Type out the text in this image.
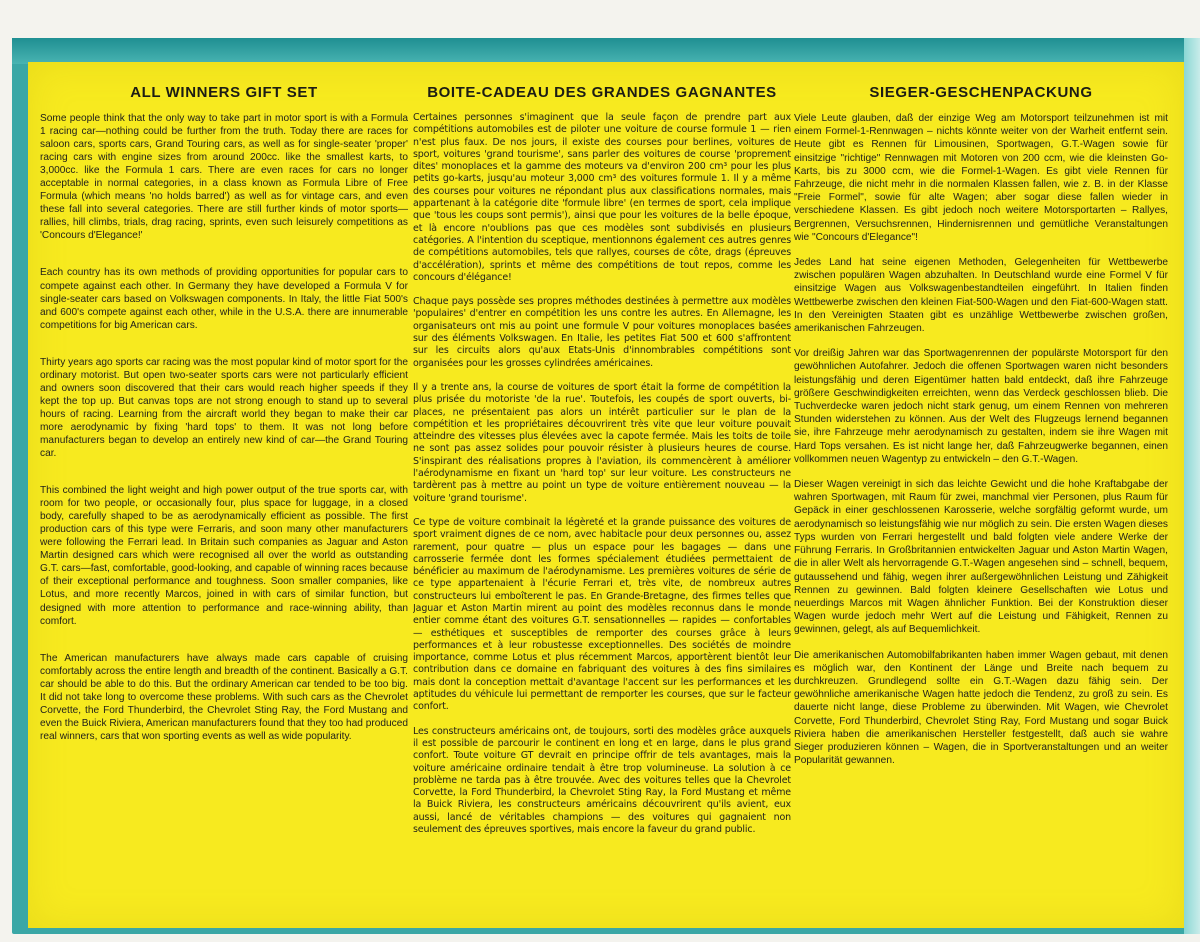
ALL WINNERS GIFT SET

Some people think that the only way to take part in motor sport is with a Formula 1 racing car—nothing could be further from the truth. Today there are races for saloon cars, sports cars, Grand Touring cars, as well as for single-seater 'proper' racing cars with engine sizes from around 200cc. like the smallest karts, to 3,000cc. like the Formula 1 cars. There are even races for cars no longer acceptable in normal categories, in a class known as Formula Libre of Free Formula (which means 'no holds barred') as well as for vintage cars, and even these fall into several categories. There are still further kinds of motor sports—rallies, hill climbs, trials, drag racing, sprints, even such leisurely competitions as 'Concours d'Elegance!'

Each country has its own methods of providing opportunities for popular cars to compete against each other. In Germany they have developed a Formula V for single-seater cars based on Volkswagen components. In Italy, the little Fiat 500's and 600's compete against each other, while in the U.S.A. there are innumerable competitions for big American cars.

Thirty years ago sports car racing was the most popular kind of motor sport for the ordinary motorist. But open two-seater sports cars were not particularly efficient and owners soon discovered that their cars would reach higher speeds if they kept the top up. But canvas tops are not strong enough to stand up to several hours of racing. Learning from the aircraft world they began to make their car more aerodynamic by fixing 'hard tops' to them. It was not long before manufacturers began to develop an entirely new kind of car—the Grand Touring car.

This combined the light weight and high power output of the true sports car, with room for two people, or occasionally four, plus space for luggage, in a closed body, carefully shaped to be as aerodynamically efficient as possible. The first production cars of this type were Ferraris, and soon many other manufacturers were following the Ferrari lead. In Britain such companies as Jaguar and Aston Martin designed cars which were recognised all over the world as outstanding G.T. cars—fast, comfortable, good-looking, and capable of winning races because of their exceptional performance and toughness. Soon smaller companies, like Lotus, and more recently Marcos, joined in with cars of similar function, but designed with more attention to performance and race-winning ability, than comfort.

The American manufacturers have always made cars capable of cruising comfortably across the entire length and breadth of the continent. Basically a G.T. car should be able to do this. But the ordinary American car tended to be too big. It did not take long to overcome these problems. With such cars as the Chevrolet Corvette, the Ford Thunderbird, the Chevrolet Sting Ray, the Ford Mustang and even the Buick Riviera, American manufacturers found that they too had produced real winners, cars that won sporting events as well as wide popularity.

BOITE-CADEAU DES GRANDES GAGNANTES

Certaines personnes s'imaginent que la seule façon de prendre part aux compétitions automobiles est de piloter une voiture de course formule 1 — rien n'est plus faux. De nos jours, il existe des courses pour berlines, voitures de sport, voitures 'grand tourisme', sans parler des voitures de course 'proprement dites' monoplaces et la gamme des moteurs va d'environ 200 cm³ pour les plus petits go-karts, jusqu'au moteur 3,000 cm³ des voitures formule 1. Il y a même des courses pour voitures ne répondant plus aux classifications normales, mais appartenant à la catégorie dite 'formule libre' (en termes de sport, cela implique que 'tous les coups sont permis'), ainsi que pour les voitures de la belle époque, et là encore n'oublions pas que ces modèles sont subdivisés en plusieurs catégories. A l'intention du sceptique, mentionnons également ces autres genres de compétitions automobiles, tels que rallyes, courses de côte, drags (épreuves d'accélération), sprints et même des compétitions de tout repos, comme les concours d'élégance!

Chaque pays possède ses propres méthodes destinées à permettre aux modèles 'populaires' d'entrer en compétition les uns contre les autres. En Allemagne, les organisateurs ont mis au point une formule V pour voitures monoplaces basées sur des éléments Volkswagen. En Italie, les petites Fiat 500 et 600 s'affrontent sur les circuits alors qu'aux Etats-Unis d'innombrables compétitions sont organisées pour les grosses cylindrées américaines.

Il y a trente ans, la course de voitures de sport était la forme de compétition la plus prisée du motoriste 'de la rue'. Toutefois, les coupés de sport ouverts, bi-places, ne présentaient pas alors un intérêt particulier sur le plan de la compétition et les propriétaires découvrirent très vite que leur voiture pouvait atteindre des vitesses plus élevées avec la capote fermée. Mais les toits de toile ne sont pas assez solides pour pouvoir résister à plusieurs heures de course. S'inspirant des réalisations propres à l'aviation, ils commencèrent à améliorer l'aérodynamisme en fixant un 'hard top' sur leur voiture. Les constructeurs ne tardèrent pas à mettre au point un type de voiture entièrement nouveau — la voiture 'grand tourisme'.

Ce type de voiture combinait la légèreté et la grande puissance des voitures de sport vraiment dignes de ce nom, avec habitacle pour deux personnes ou, assez rarement, pour quatre — plus un espace pour les bagages — dans une carrosserie fermée dont les formes spécialement étudiées permettaient de bénéficier au maximum de l'aérodynamisme. Les premières voitures de série de ce type appartenaient à l'écurie Ferrari et, très vite, de nombreux autres constructeurs lui emboîterent le pas. En Grande-Bretagne, des firmes telles que Jaguar et Aston Martin mirent au point des modèles reconnus dans le monde entier comme étant des voitures G.T. sensationnelles — rapides — confortables — esthétiques et susceptibles de remporter des courses grâce à leurs performances et à leur robustesse exceptionnelles. Des sociétés de moindre importance, comme Lotus et plus récemment Marcos, apportèrent bientôt leur contribution dans ce domaine en fabriquant des voitures à des fins similaires mais dont la conception mettait d'avantage l'accent sur les performances et les aptitudes du véhicule lui permettant de remporter les courses, que sur le facteur confort.

Les constructeurs américains ont, de toujours, sorti des modèles grâce auxquels il est possible de parcourir le continent en long et en large, dans le plus grand confort. Toute voiture GT devrait en principe offrir de tels avantages, mais la voiture américaine ordinaire tendait à être trop volumineuse. La solution à ce problème ne tarda pas à être trouvée. Avec des voitures telles que la Chevrolet Corvette, la Ford Thunderbird, la Chevrolet Sting Ray, la Ford Mustang et même la Buick Riviera, les constructeurs américains découvrirent qu'ils avient, eux aussi, lancé de véritables champions — des voitures qui gagnaient non seulement des épreuves sportives, mais encore la faveur du grand public.

SIEGER-GESCHENPACKUNG

Viele Leute glauben, daß der einzige Weg am Motorsport teilzunehmen ist mit einem Formel-1-Rennwagen – nichts könnte weiter von der Warheit entfernt sein. Heute gibt es Rennen für Limousinen, Sportwagen, G.T.-Wagen sowie für einsitzige "richtige" Rennwagen mit Motoren von 200 ccm, wie die kleinsten Go-Karts, bis zu 3000 ccm, wie die Formel-1-Wagen. Es gibt viele Rennen für Fahrzeuge, die nicht mehr in die normalen Klassen fallen, wie z. B. in der Klasse "Freie Formel", sowie für alte Wagen; aber sogar diese fallen wieder in verschiedene Klassen. Es gibt jedoch noch weitere Motorsportarten – Rallyes, Bergrennen, Versuchsrennen, Hindernisrennen und gemütliche Veranstaltungen wie "Concours d'Elegance"!

Jedes Land hat seine eigenen Methoden, Gelegenheiten für Wettbewerbe zwischen populären Wagen abzuhalten. In Deutschland wurde eine Formel V für einsitzige Wagen aus Volkswagenbestandteilen eingeführt. In Italien finden Wettbewerbe zwischen den kleinen Fiat-500-Wagen und den Fiat-600-Wagen statt. In den Vereinigten Staaten gibt es unzählige Wettbewerbe zwischen großen, amerikanischen Fahrzeugen.

Vor dreißig Jahren war das Sportwagenrennen der populärste Motorsport für den gewöhnlichen Autofahrer. Jedoch die offenen Sportwagen waren nicht besonders leistungsfähig und deren Eigentümer hatten bald entdeckt, daß ihre Fahrzeuge größere Geschwindigkeiten erreichten, wenn das Verdeck geschlossen blieb. Die Tuchverdecke waren jedoch nicht stark genug, um einem Rennen von mehreren Stunden widerstehen zu können. Aus der Welt des Flugzeugs lernend begannen sie, ihre Fahrzeuge mehr aerodynamisch zu gestalten, indem sie ihre Wagen mit Hard Tops versahen. Es ist nicht lange her, daß Fahrzeugwerke begannen, einen vollkommen neuen Wagentyp zu entwickeln – den G.T.-Wagen.

Dieser Wagen vereinigt in sich das leichte Gewicht und die hohe Kraftabgabe der wahren Sportwagen, mit Raum für zwei, manchmal vier Personen, plus Raum für Gepäck in einer geschlossenen Karosserie, welche sorgfältig geformt wurde, um aerodynamisch so leistungsfähig wie nur möglich zu sein. Die ersten Wagen dieses Typs wurden von Ferrari hergestellt und bald folgten viele andere Werke der Führung Ferraris. In Großbritannien entwickelten Jaguar und Aston Martin Wagen, die in aller Welt als hervorragende G.T.-Wagen angesehen sind – schnell, bequem, gutaussehend und fähig, wegen ihrer außergewöhnlichen Leistung und Zähigkeit Rennen zu gewinnen. Bald folgten kleinere Gesellschaften wie Lotus und neuerdings Marcos mit Wagen ähnlicher Funktion. Bei der Konstruktion dieser Wagen wurde jedoch mehr Wert auf die Leistung und Fähigkeit, Rennen zu gewinnen, gelegt, als auf Bequemlichkeit.

Die amerikanischen Automobilfabrikanten haben immer Wagen gebaut, mit denen es möglich war, den Kontinent der Länge und Breite nach bequem zu durchkreuzen. Grundlegend sollte ein G.T.-Wagen dazu fähig sein. Der gewöhnliche amerikanische Wagen hatte jedoch die Tendenz, zu groß zu sein. Es dauerte nicht lange, diese Probleme zu überwinden. Mit Wagen, wie Chevrolet Corvette, Ford Thunderbird, Chevrolet Sting Ray, Ford Mustang und sogar Buick Riviera haben die amerikanischen Hersteller festgestellt, daß auch sie wahre Sieger produzieren können – Wagen, die in Sportveranstaltungen und an weiter Popularität gewannen.
